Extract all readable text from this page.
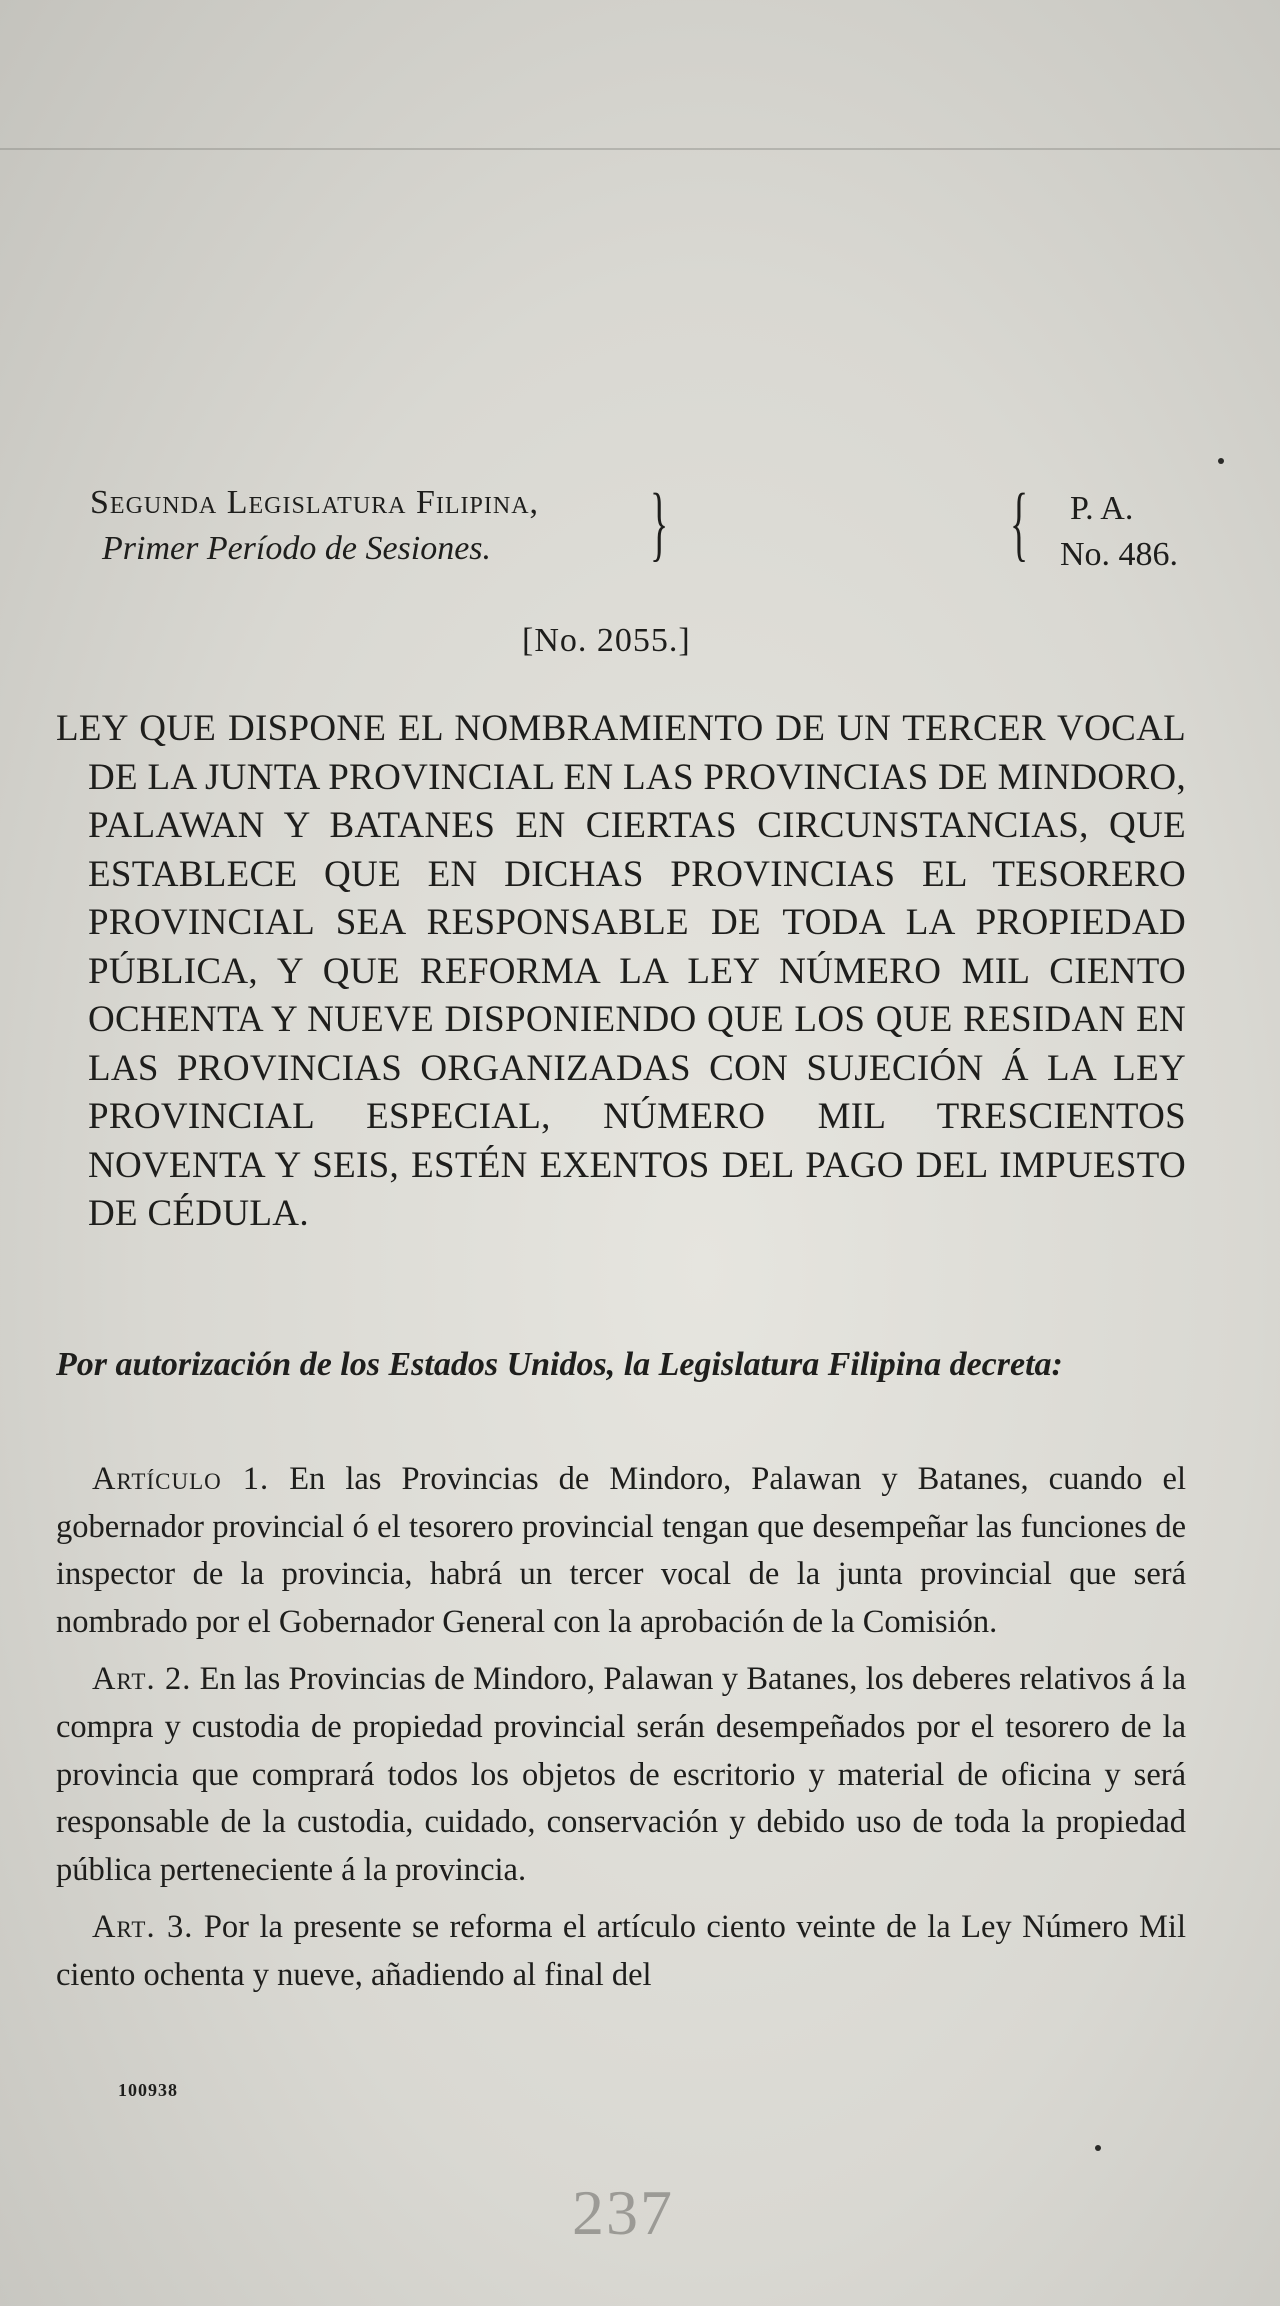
Segunda Legislatura Filipina,
Primer Período de Sesiones.	}	{ P. A.
No. 486.
[No. 2055.]
LEY QUE DISPONE EL NOMBRAMIENTO DE UN TERCER VOCAL DE LA JUNTA PROVINCIAL EN LAS PROVINCIAS DE MINDORO, PALAWAN Y BATANES EN CIERTAS CIRCUNSTANCIAS, QUE ESTABLECE QUE EN DICHAS PROVINCIAS EL TESORERO PROVINCIAL SEA RESPONSABLE DE TODA LA PROPIEDAD PÚBLICA, Y QUE REFORMA LA LEY NÚMERO MIL CIENTO OCHENTA Y NUEVE DISPONIENDO QUE LOS QUE RESIDAN EN LAS PROVINCIAS ORGANIZADAS CON SUJECIÓN Á LA LEY PROVINCIAL ESPECIAL, NÚMERO MIL TRESCIENTOS NOVENTA Y SEIS, ESTÉN EXENTOS DEL PAGO DEL IMPUESTO DE CÉDULA.
Por autorización de los Estados Unidos, la Legislatura Filipina decreta:

Artículo 1. En las Provincias de Mindoro, Palawan y Batanes, cuando el gobernador provincial ó el tesorero provincial tengan que desempeñar las funciones de inspector de la provincia, habrá un tercer vocal de la junta provincial que será nombrado por el Gobernador General con la aprobación de la Comisión.

Art. 2. En las Provincias de Mindoro, Palawan y Batanes, los deberes relativos á la compra y custodia de propiedad provincial serán desempeñados por el tesorero de la provincia que comprará todos los objetos de escritorio y material de oficina y será responsable de la custodia, cuidado, conservación y debido uso de toda la propiedad pública perteneciente á la provincia.

Art. 3. Por la presente se reforma el artículo ciento veinte de la Ley Número Mil ciento ochenta y nueve, añadiendo al final del

100938
237
